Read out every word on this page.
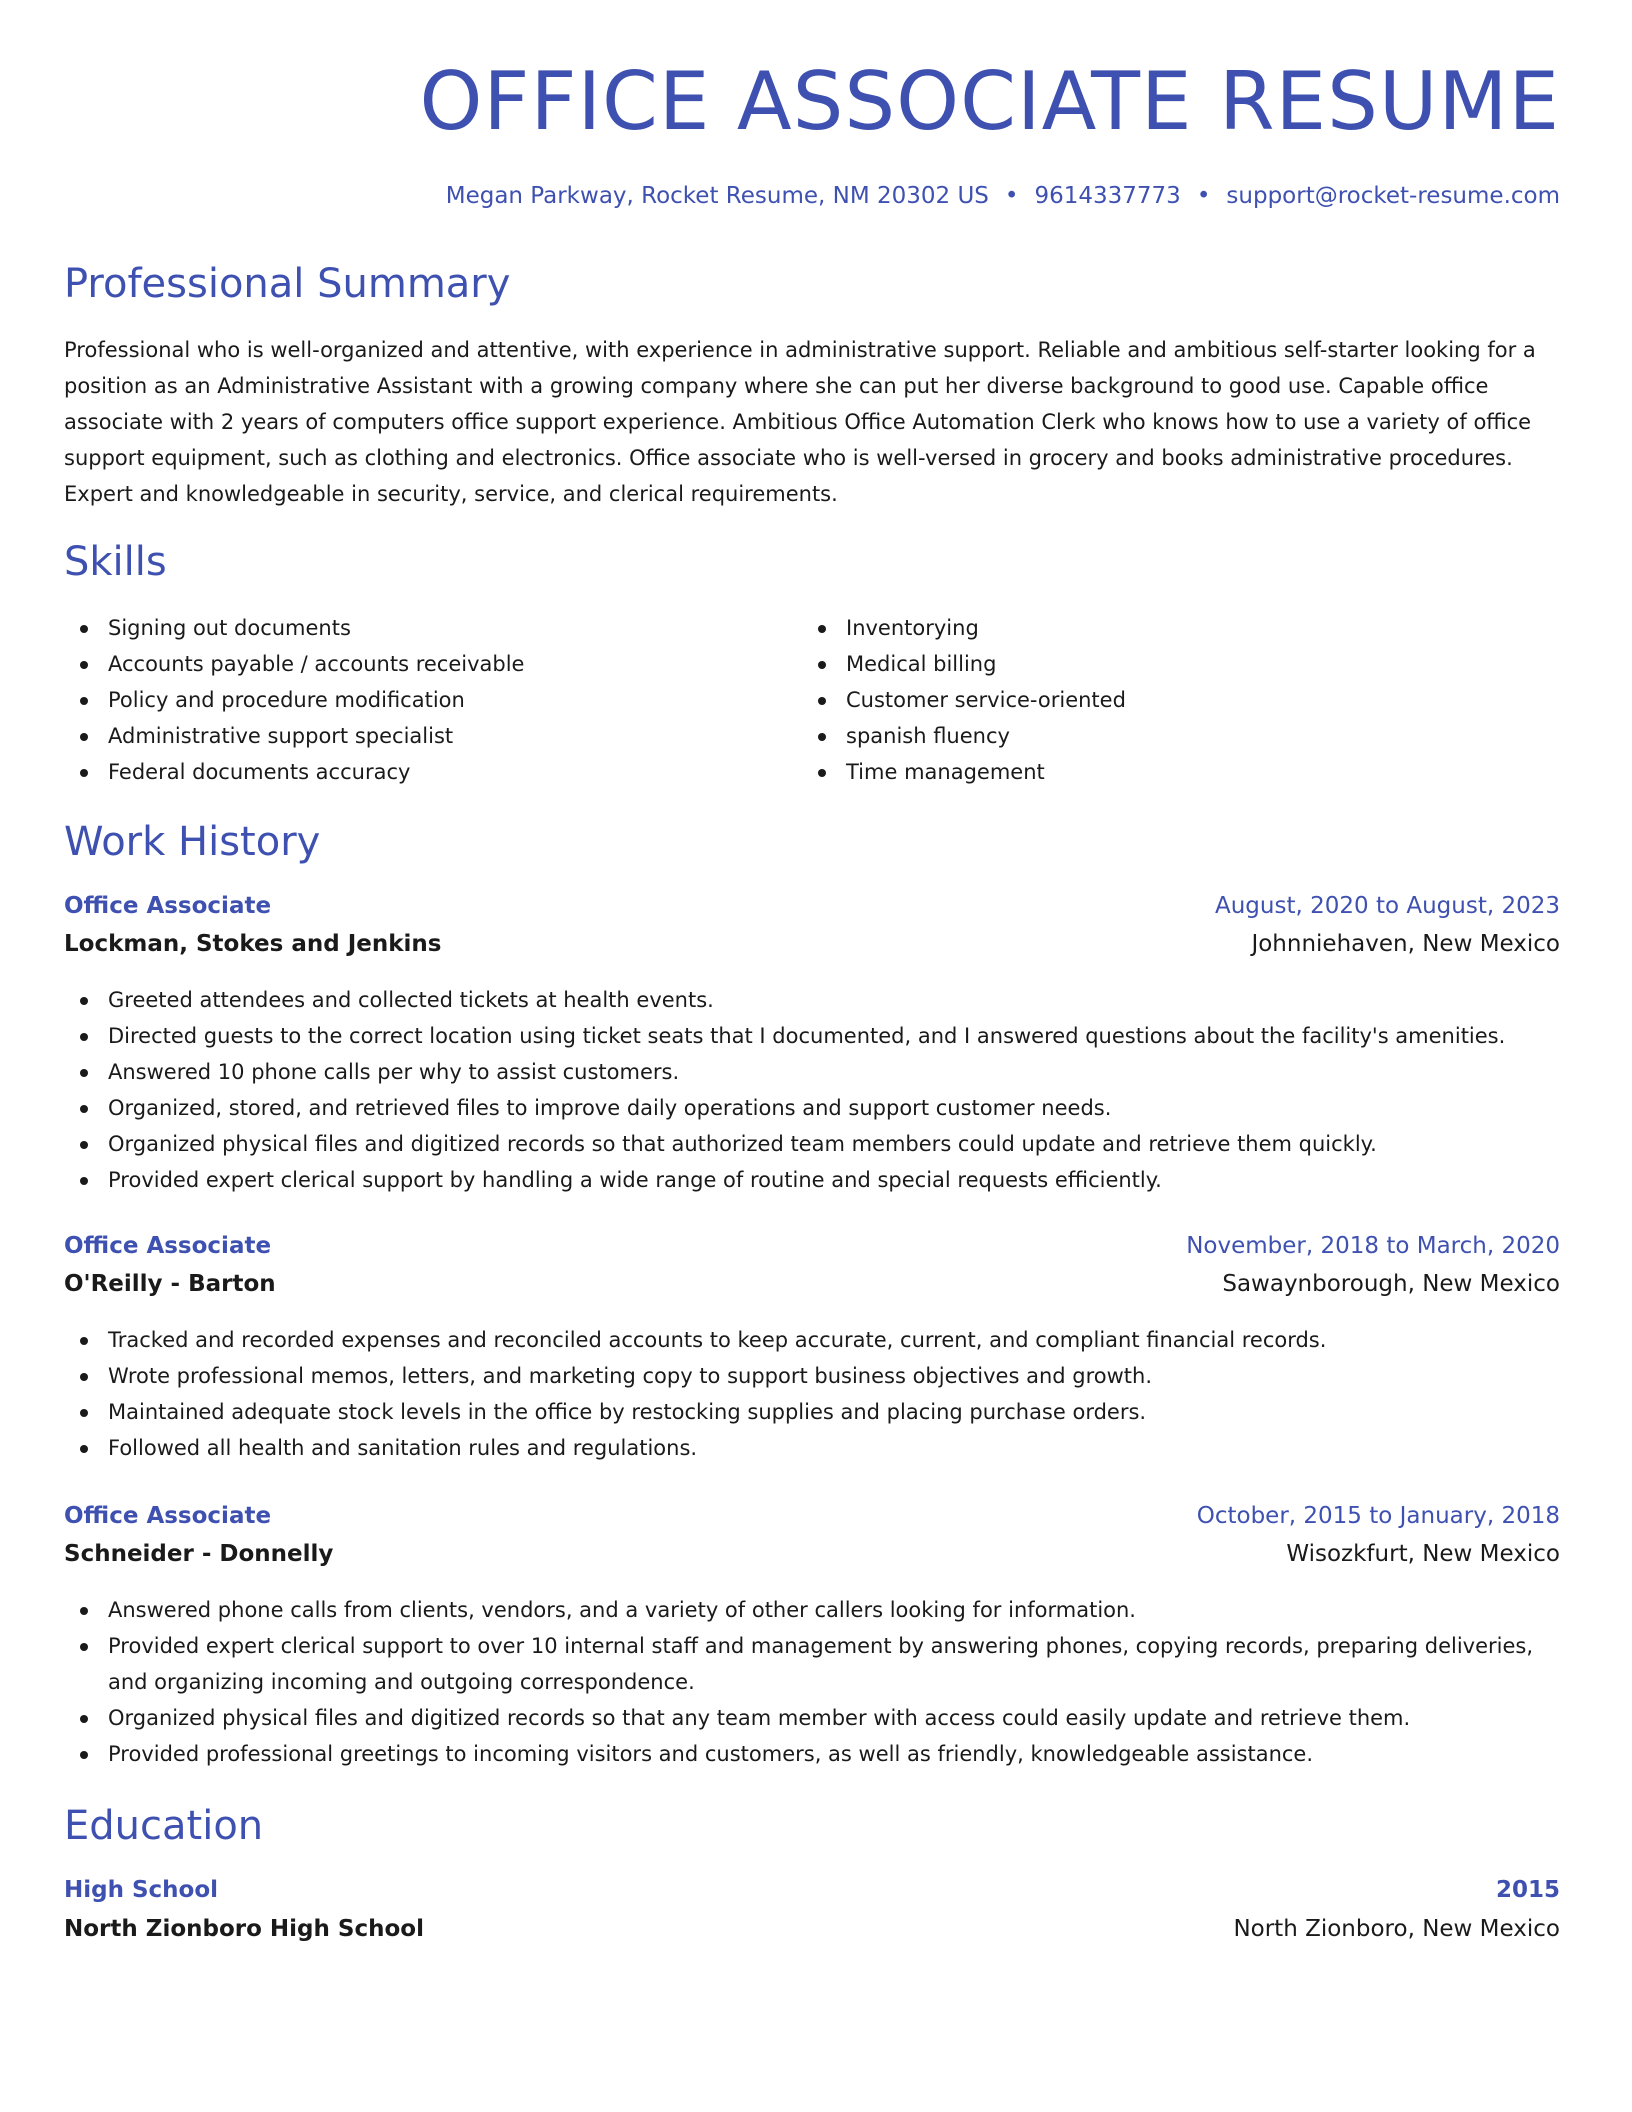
OFFICE ASSOCIATE RESUME
Megan Parkway, Rocket Resume, NM 20302 US • 9614337773 • support@rocket-resume.com
Professional Summary

Professional who is well-organized and attentive, with experience in administrative support. Reliable and ambitious self-starter looking for a position as an Administrative Assistant with a growing company where she can put her diverse background to good use. Capable office associate with 2 years of computers office support experience. Ambitious Office Automation Clerk who knows how to use a variety of office support equipment, such as clothing and electronics. Office associate who is well-versed in grocery and books administrative procedures. Expert and knowledgeable in security, service, and clerical requirements.

Skills
Signing out documents
Accounts payable / accounts receivable
Policy and procedure modification
Administrative support specialist
Federal documents accuracy
Inventorying
Medical billing
Customer service-oriented
spanish fluency
Time management
Work History
Office Associate	August, 2020 to August, 2023
Lockman, Stokes and Jenkins	Johnniehaven, New Mexico
Greeted attendees and collected tickets at health events.
Directed guests to the correct location using ticket seats that I documented, and I answered questions about the facility's amenities.
Answered 10 phone calls per why to assist customers.
Organized, stored, and retrieved files to improve daily operations and support customer needs.
Organized physical files and digitized records so that authorized team members could update and retrieve them quickly.
Provided expert clerical support by handling a wide range of routine and special requests efficiently.
Office Associate	November, 2018 to March, 2020
O'Reilly - Barton	Sawaynborough, New Mexico
Tracked and recorded expenses and reconciled accounts to keep accurate, current, and compliant financial records.
Wrote professional memos, letters, and marketing copy to support business objectives and growth.
Maintained adequate stock levels in the office by restocking supplies and placing purchase orders.
Followed all health and sanitation rules and regulations.
Office Associate	October, 2015 to January, 2018
Schneider - Donnelly	Wisozkfurt, New Mexico
Answered phone calls from clients, vendors, and a variety of other callers looking for information.
Provided expert clerical support to over 10 internal staff and management by answering phones, copying records, preparing deliveries, and organizing incoming and outgoing correspondence.
Organized physical files and digitized records so that any team member with access could easily update and retrieve them.
Provided professional greetings to incoming visitors and customers, as well as friendly, knowledgeable assistance.
Education
High School	2015
North Zionboro High School	North Zionboro, New Mexico
